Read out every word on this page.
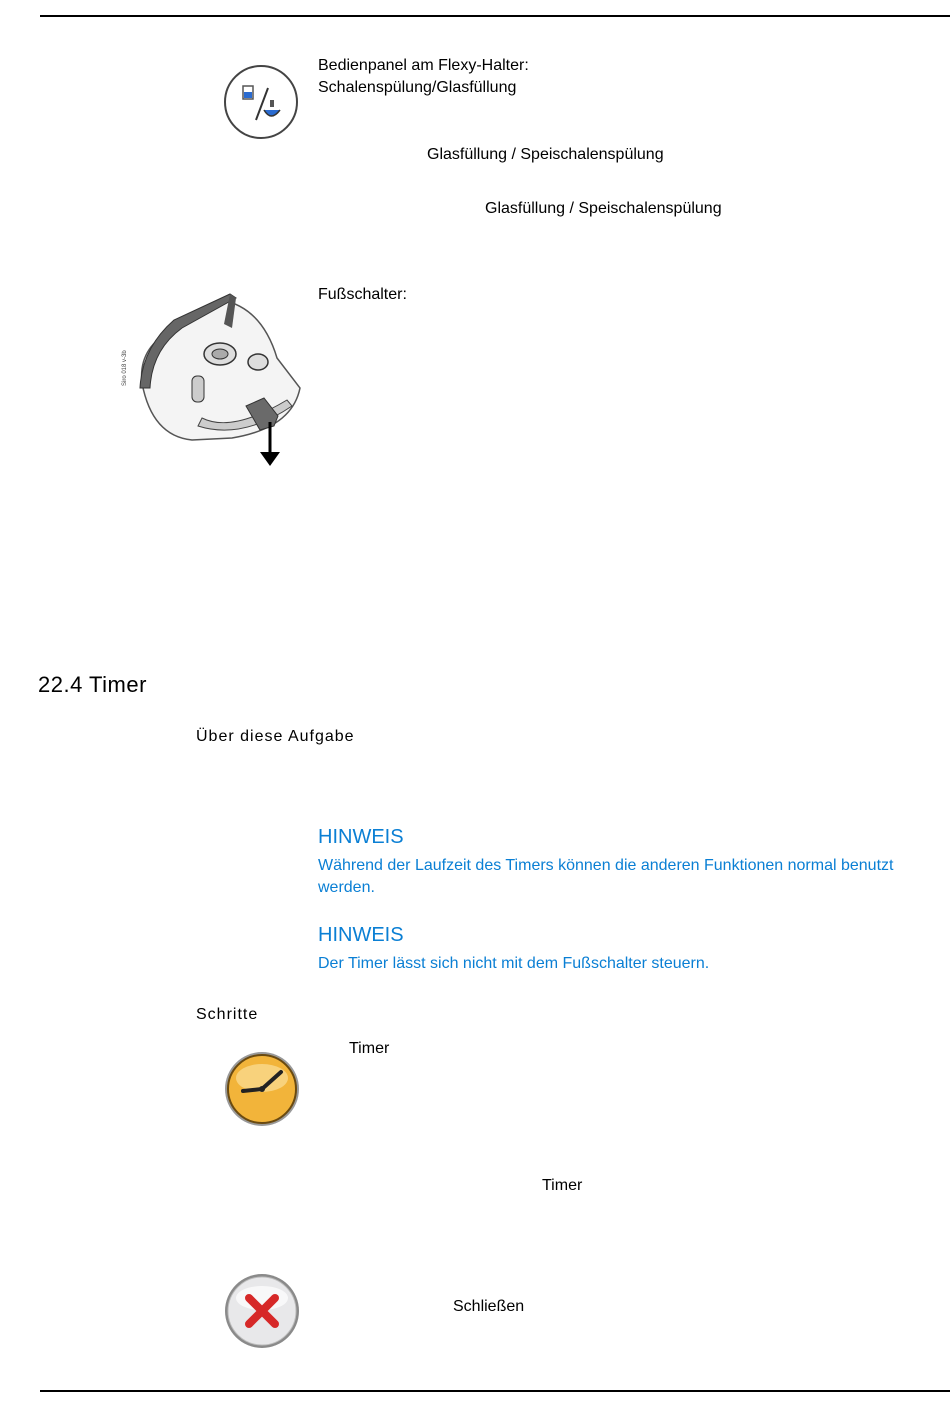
Bedienpanel am Flexy-Halter:
Schalenspülung/Glasfüllung
Glasfüllung / Speischalenspülung
Glasfüllung / Speischalenspülung
Siro 018 v-3b
Fußschalter:
22.4 Timer
Über diese Aufgabe
HINWEIS
Während der Laufzeit des Timers können die anderen Funktionen normal benutzt werden.
HINWEIS
Der Timer lässt sich nicht mit dem Fußschalter steuern.
Schritte
Timer
Timer
Schließen
